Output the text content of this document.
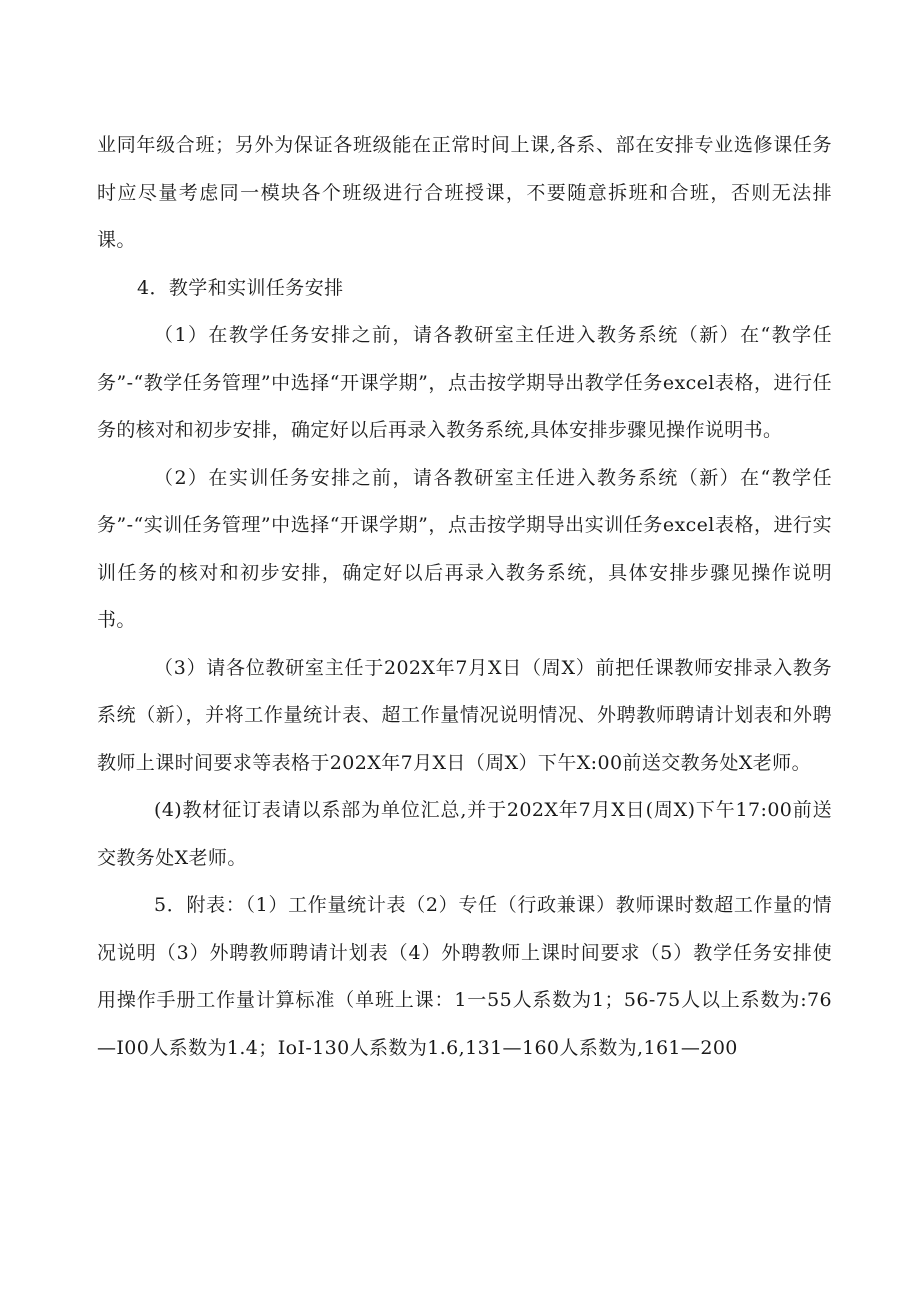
业同年级合班；另外为保证各班级能在正常时间上课,各系、部在安排专业选修课任务时应尽量考虑同一模块各个班级进行合班授课，不要随意拆班和合班，否则无法排课。

4．教学和实训任务安排

（1）在教学任务安排之前，请各教研室主任进入教务系统（新）在“教学任务”-“教学任务管理”中选择“开课学期”，点击按学期导出教学任务excel表格，进行任务的核对和初步安排，确定好以后再录入教务系统,具体安排步骤见操作说明书。

（2）在实训任务安排之前，请各教研室主任进入教务系统（新）在“教学任务”-“实训任务管理”中选择“开课学期”，点击按学期导出实训任务excel表格，进行实训任务的核对和初步安排，确定好以后再录入教务系统，具体安排步骤见操作说明书。

（3）请各位教研室主任于202X年7月X日（周X）前把任课教师安排录入教务系统（新），并将工作量统计表、超工作量情况说明情况、外聘教师聘请计划表和外聘教师上课时间要求等表格于202X年7月X日（周X）下午X:00前送交教务处X老师。

(4)教材征订表请以系部为单位汇总,并于202X年7月X日(周X)下午17:00前送交教务处X老师。

5．附表：（1）工作量统计表（2）专任（行政兼课）教师课时数超工作量的情况说明（3）外聘教师聘请计划表（4）外聘教师上课时间要求（5）教学任务安排使用操作手册工作量计算标准（单班上课：1一55人系数为1；56-75人以上系数为:76—I00人系数为1.4；IoI-130人系数为1.6,131—160人系数为,161—200
